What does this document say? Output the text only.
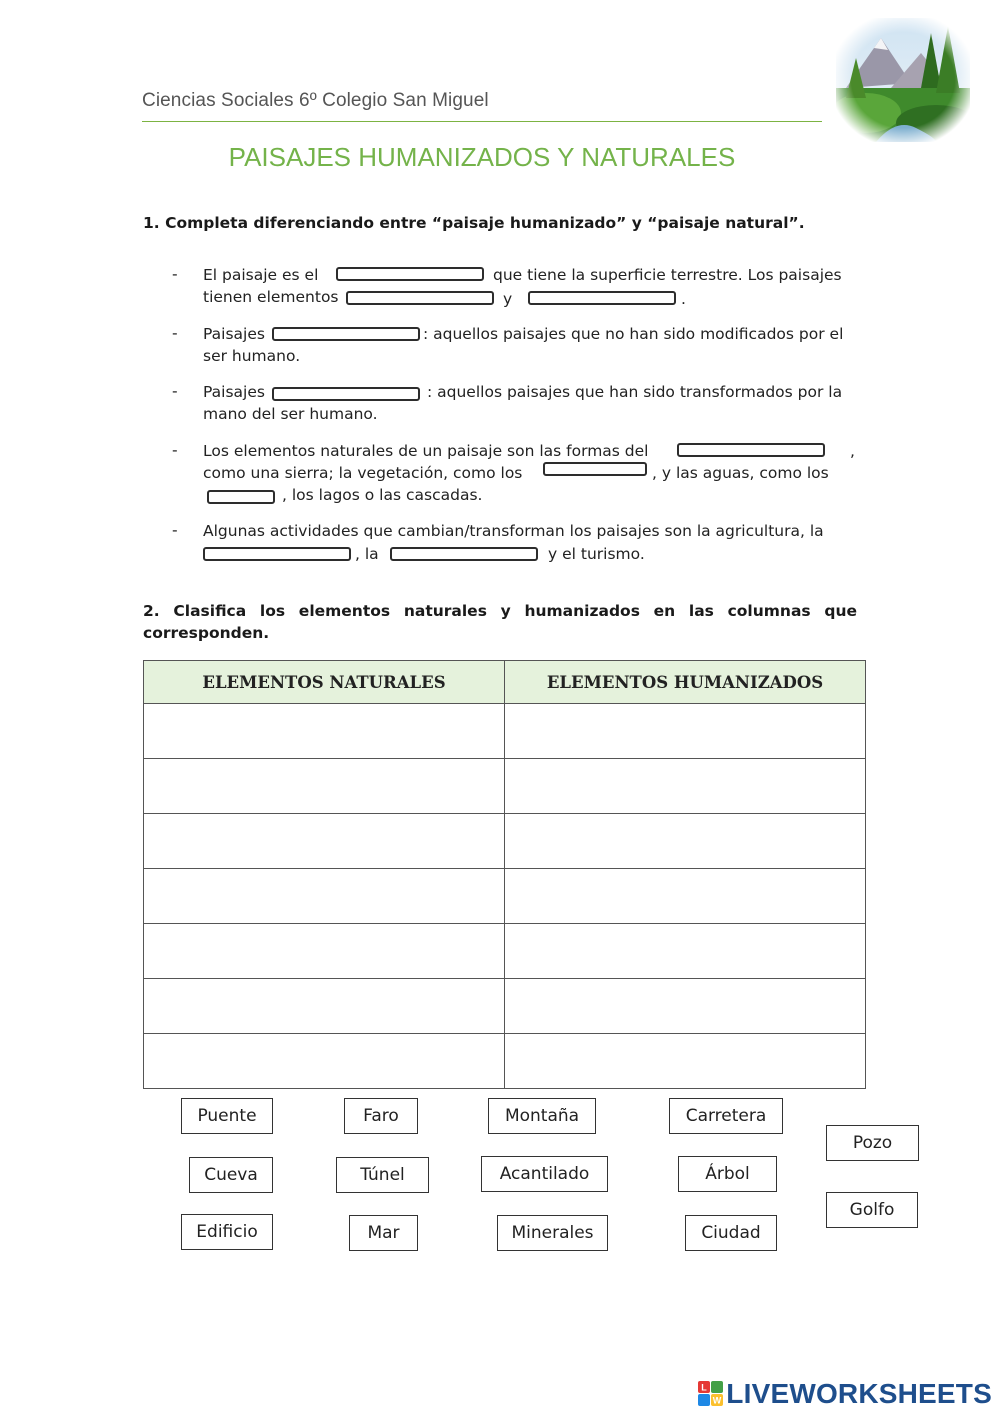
Ciencias Sociales 6º Colegio San Miguel
PAISAJES HUMANIZADOS Y NATURALES
1. Completa diferenciando entre “paisaje humanizado” y “paisaje natural”.
-
-
-
-
-
El paisaje es el	que tiene la superficie terrestre. Los paisajes
tienen elementos	y	.
Paisajes	: aquellos paisajes que no han sido modificados por el
ser humano.
Paisajes	: aquellos paisajes que han sido transformados por la
mano del ser humano.
Los elementos naturales de un paisaje son las formas del	,
como una sierra; la vegetación, como los	, y las aguas, como los
, los lagos o las cascadas.
Algunas actividades que cambian/transforman los paisajes son la agricultura, la
, la	y el turismo.
2. Clasifica los elementos naturales y humanizados en las columnas que corresponden.
ELEMENTOS NATURALES	ELEMENTOS HUMANIZADOS

Puente	Faro	Montaña	Carretera
Pozo
Cueva	Túnel	Acantilado	Árbol
Golfo
Edificio	Mar	Minerales	Ciudad
L
W LIVEWORKSHEETS
